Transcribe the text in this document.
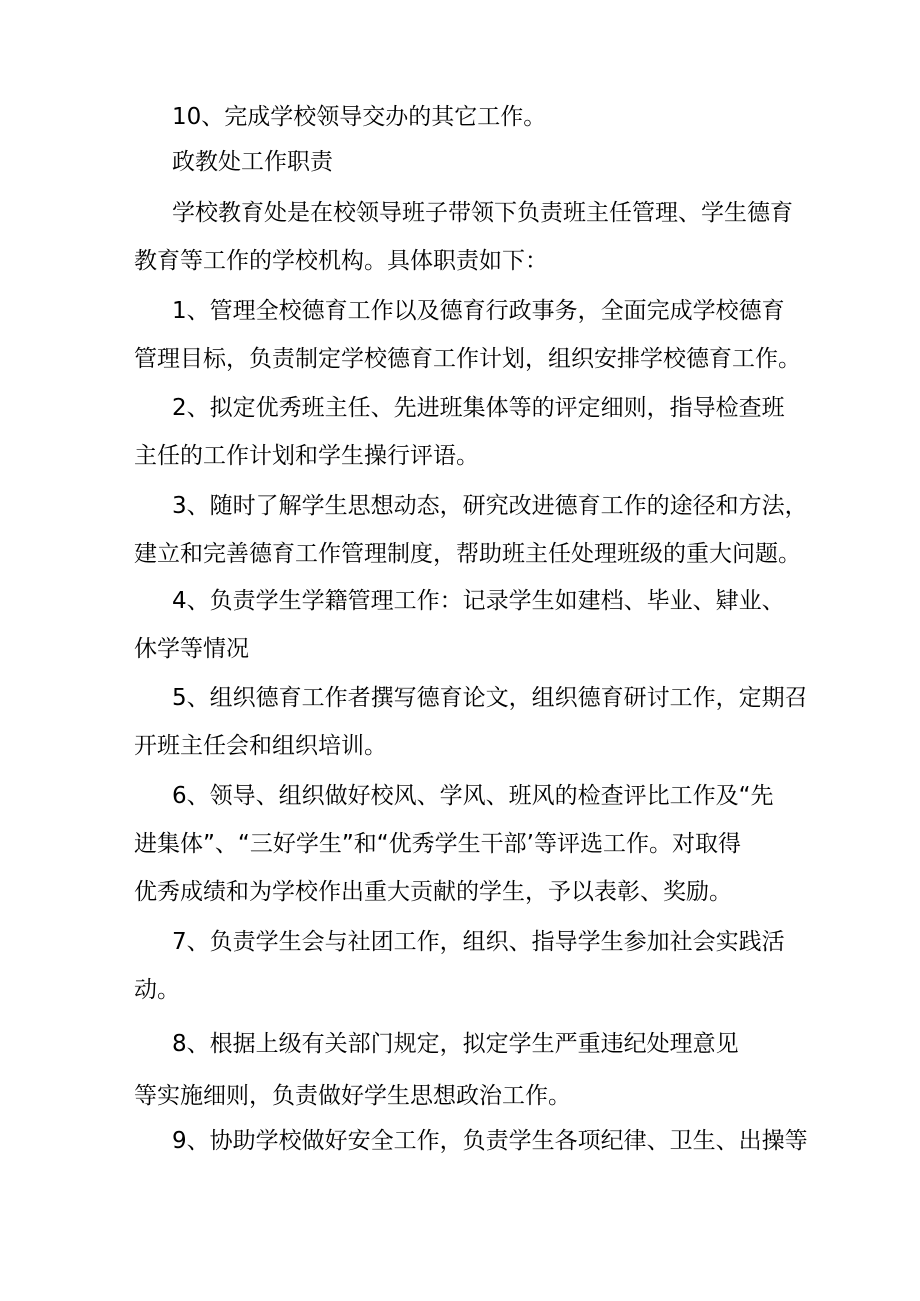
10、完成学校领导交办的其它工作。

政教处工作职责

学校教育处是在校领导班子带领下负责班主任管理、学生德育

教育等工作的学校机构。具体职责如下：

1、管理全校德育工作以及德育行政事务，全面完成学校德育

管理目标，负责制定学校德育工作计划，组织安排学校德育工作。

2、拟定优秀班主任、先进班集体等的评定细则，指导检查班

主任的工作计划和学生操行评语。

3、随时了解学生思想动态，研究改进德育工作的途径和方法，

建立和完善德育工作管理制度，帮助班主任处理班级的重大问题。

4、负责学生学籍管理工作：记录学生如建档、毕业、肄业、

休学等情况

5、组织德育工作者撰写德育论文，组织德育研讨工作，定期召

开班主任会和组织培训。

6、领导、组织做好校风、学风、班风的检查评比工作及“先

进集体”、“三好学生”和“优秀学生干部’等评选工作。对取得

优秀成绩和为学校作出重大贡献的学生，予以表彰、奖励。

7、负责学生会与社团工作，组织、指导学生参加社会实践活

动。

8、根据上级有关部门规定，拟定学生严重违纪处理意见

等实施细则，负责做好学生思想政治工作。

9、协助学校做好安全工作，负责学生各项纪律、卫生、出操等
